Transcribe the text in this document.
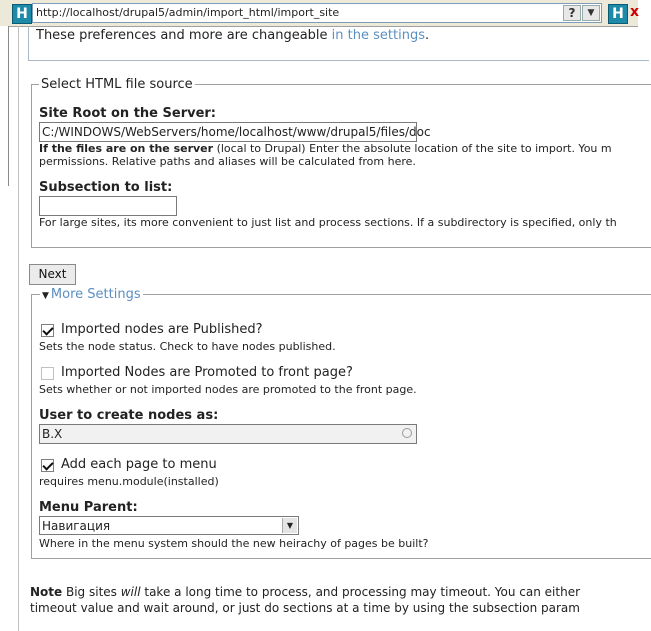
H http://localhost/drupal5/admin/import_html/import_site	?	▼	H x
These preferences and more are changeable in the settings.
Select HTML file source
Site Root on the Server:
C:/WINDOWS/WebServers/home/localhost/www/drupal5/files/doc
If the files are on the server (local to Drupal) Enter the absolute location of the site to import. You m
permissions. Relative paths and aliases will be calculated from here.
Subsection to list:
For large sites, its more convenient to just list and process sections. If a subdirectory is specified, only th
Next
▼ More Settings
Imported nodes are Published?
Sets the node status. Check to have nodes published.
Imported Nodes are Promoted to front page?
Sets whether or not imported nodes are promoted to the front page.
User to create nodes as:
B.X
Add each page to menu
requires menu.module(installed)
Menu Parent:
Навигация	▼
Where in the menu system should the new heirachy of pages be built?
Note Big sites will take a long time to process, and processing may timeout. You can either
timeout value and wait around, or just do sections at a time by using the subsection param
